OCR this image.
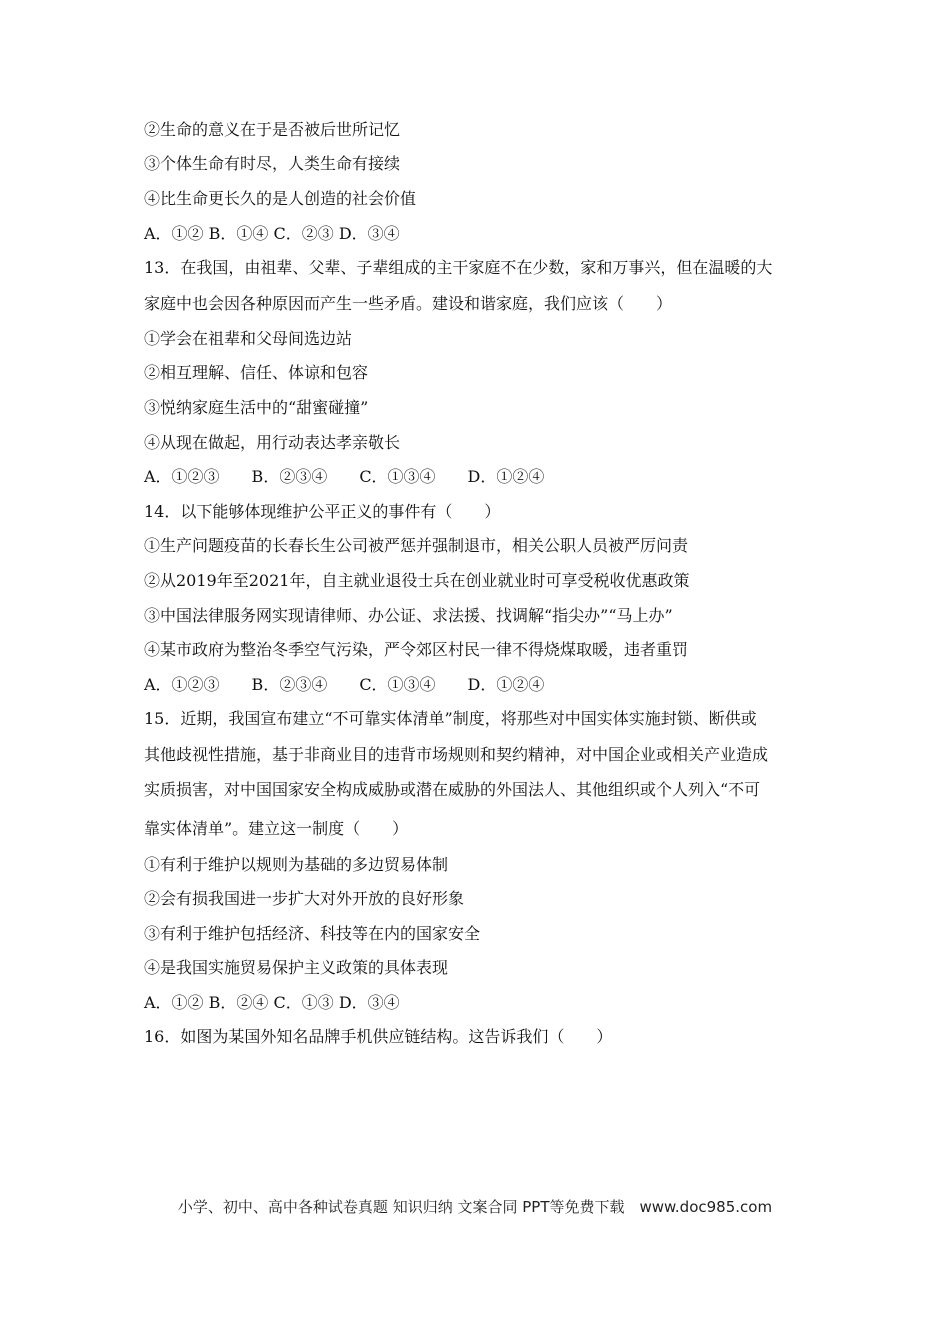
②生命的意义在于是否被后世所记忆
③个体生命有时尽，人类生命有接续
④比生命更长久的是人创造的社会价值
A．①② B．①④ C．②③ D．③④
13．在我国，由祖辈、父辈、子辈组成的主干家庭不在少数，家和万事兴，但在温暖的大
家庭中也会因各种原因而产生一些矛盾。建设和谐家庭，我们应该（　　）
①学会在祖辈和父母间选边站
②相互理解、信任、体谅和包容
③悦纳家庭生活中的“甜蜜碰撞”
④从现在做起，用行动表达孝亲敬长
A．①②③　　B．②③④　　C．①③④　　D．①②④
14．以下能够体现维护公平正义的事件有（　　）
①生产问题疫苗的长春长生公司被严惩并强制退市，相关公职人员被严厉问责
②从2019年至2021年，自主就业退役士兵在创业就业时可享受税收优惠政策
③中国法律服务网实现请律师、办公证、求法援、找调解“指尖办”“马上办”
④某市政府为整治冬季空气污染，严令郊区村民一律不得烧煤取暖，违者重罚
A．①②③　　B．②③④　　C．①③④　　D．①②④
15．近期，我国宣布建立“不可靠实体清单”制度，将那些对中国实体实施封锁、断供或
其他歧视性措施，基于非商业目的违背市场规则和契约精神，对中国企业或相关产业造成
实质损害，对中国国家安全构成威胁或潜在威胁的外国法人、其他组织或个人列入“不可
靠实体清单”。建立这一制度（　　）
①有利于维护以规则为基础的多边贸易体制
②会有损我国进一步扩大对外开放的良好形象
③有利于维护包括经济、科技等在内的国家安全
④是我国实施贸易保护主义政策的具体表现
A．①② B．②④ C．①③ D．③④
16．如图为某国外知名品牌手机供应链结构。这告诉我们（　　）
小学、初中、高中各种试卷真题 知识归纳 文案合同 PPT等免费下载　www.doc985.com
